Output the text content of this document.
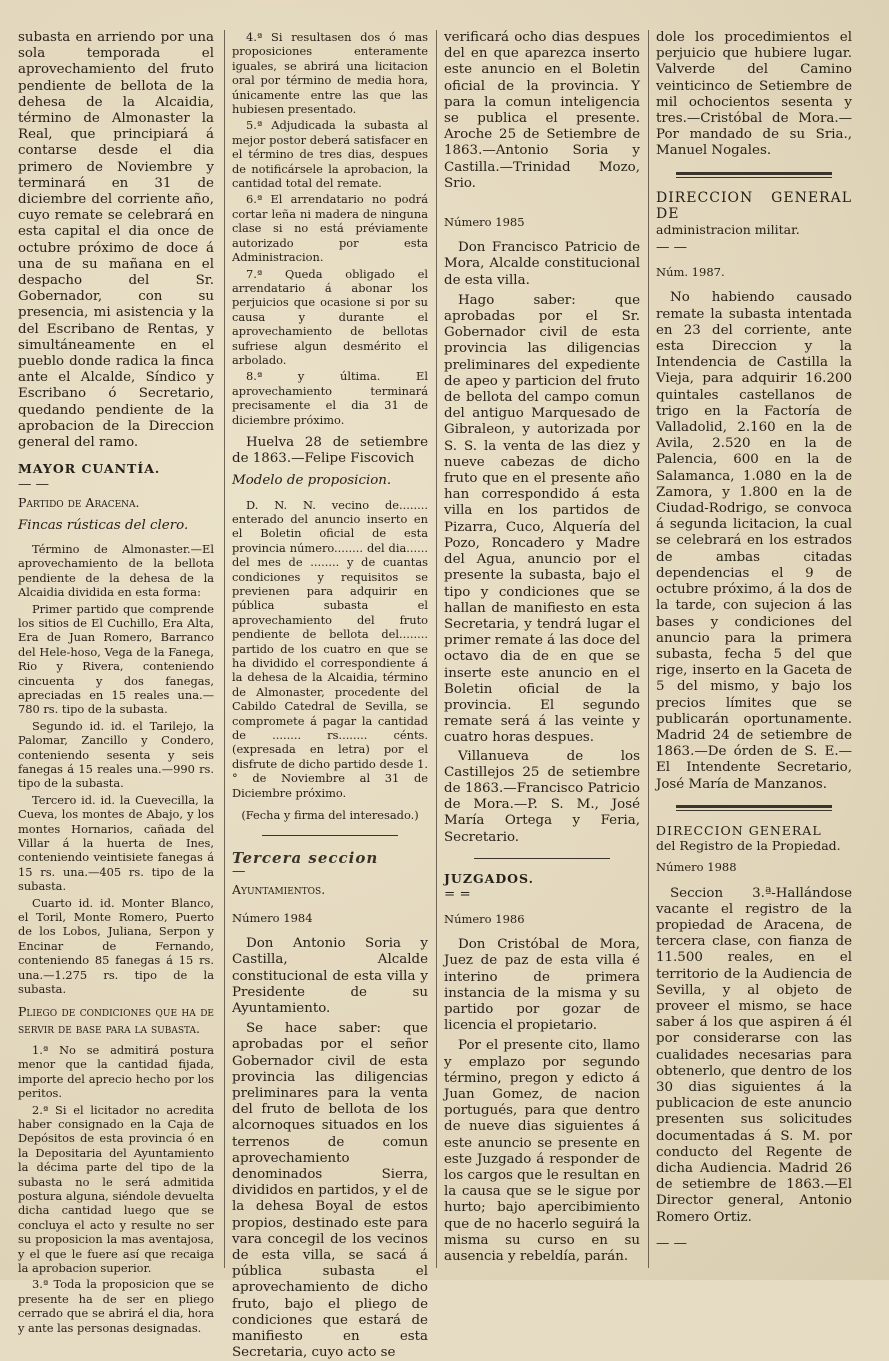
subasta en arriendo por una sola temporada el aprovechamiento del fruto pendiente de bellota de la dehesa de la Alcaidia, término de Almonaster la Real, que principiará á contarse desde el dia primero de Noviembre y terminará en 31 de diciembre del corriente año, cuyo remate se celebrará en esta capital el dia once de octubre próximo de doce á una de su mañana en el despacho del Sr. Gobernador, con su presencia, mi asistencia y la del Escribano de Rentas, y simultáneamente en el pueblo donde radica la finca ante el Alcalde, Síndico y Escribano ó Secretario, quedando pendiente de la aprobacion de la Direccion general del ramo.

MAYOR CUANTÍA.

— —

Partido de Aracena.

Fincas rústicas del clero.

Término de Almonaster.—El aprovechamiento de la bellota pendiente de la dehesa de la Alcaidia dividida en esta forma:

Primer partido que comprende los sitios de El Cuchillo, Era Alta, Era de Juan Romero, Barranco del Hele-hoso, Vega de la Fanega, Rio y Rivera, conteniendo cincuenta y dos fanegas, apreciadas en 15 reales una.—780 rs. tipo de la subasta.

Segundo id. id. el Tarilejo, la Palomar, Zancillo y Condero, conteniendo sesenta y seis fanegas á 15 reales una.—990 rs. tipo de la subasta.

Tercero id. id. la Cuevecilla, la Cueva, los montes de Abajo, y los montes Hornarios, cañada del Villar á la huerta de Ines, conteniendo veintisiete fanegas á 15 rs. una.—405 rs. tipo de la subasta.

Cuarto id. id. Monter Blanco, el Toril, Monte Romero, Puerto de los Lobos, Juliana, Serpon y Encinar de Fernando, conteniendo 85 fanegas á 15 rs. una.—1.275 rs. tipo de la subasta.

Pliego de condiciones que ha de servir de base para la subasta.

1.ª No se admitirá postura menor que la cantidad fijada, importe del aprecio hecho por los peritos.

2.ª Si el licitador no acredita haber consignado en la Caja de Depósitos de esta provincia ó en la Depositaria del Ayuntamiento la décima parte del tipo de la subasta no le será admitida postura alguna, siéndole devuelta dicha cantidad luego que se concluya el acto y resulte no ser su proposicion la mas aventajosa, y el que le fuere así que recaiga la aprobacion superior.

3.ª Toda la proposicion que se presente ha de ser en pliego cerrado que se abrirá el dia, hora y ante las personas designadas.

4.ª Si resultasen dos ó mas proposiciones enteramente iguales, se abrirá una licitacion oral por término de media hora, únicamente entre las que las hubiesen presentado.

5.ª Adjudicada la subasta al mejor postor deberá satisfacer en el término de tres dias, despues de notificársele la aprobacion, la cantidad total del remate.

6.ª El arrendatario no podrá cortar leña ni madera de ninguna clase si no está préviamente autorizado por esta Administracion.

7.ª Queda obligado el arrendatario á abonar los perjuicios que ocasione si por su causa y durante el aprovechamiento de bellotas sufriese algun desmérito el arbolado.

8.ª y última. El aprovechamiento terminará precisamente el dia 31 de diciembre próximo.

Huelva 28 de setiembre de 1863.—Felipe Fiscovich

Modelo de proposicion.

D. N. N. vecino de........ enterado del anuncio inserto en el Boletin oficial de esta provincia número........ del dia...... del mes de ........ y de cuantas condiciones y requisitos se previenen para adquirir en pública subasta el aprovechamiento del fruto pendiente de bellota del........ partido de los cuatro en que se ha dividido el correspondiente á la dehesa de la Alcaidia, término de Almonaster, procedente del Cabildo Catedral de Sevilla, se compromete á pagar la cantidad de ........ rs........ cénts. (expresada en letra) por el disfrute de dicho partido desde 1.° de Noviembre al 31 de Diciembre próximo.

(Fecha y firma del interesado.)

Tercera seccion

—

Ayuntamientos.

Número 1984

Don Antonio Soria y Castilla, Alcalde constitucional de esta villa y Presidente de su Ayuntamiento.

Se hace saber: que aprobadas por el señor Gobernador civil de esta provincia las diligencias preliminares para la venta del fruto de bellota de los alcornoques situados en los terrenos de comun aprovechamiento denominados Sierra, divididos en partidos, y el de la dehesa Boyal de estos propios, destinado este para vara concegil de los vecinos de esta villa, se sacá á pública subasta el aprovechamiento de dicho fruto, bajo el pliego de condiciones que estará de manifiesto en esta Secretaria, cuyo acto se

verificará ocho dias despues del en que aparezca inserto este anuncio en el Boletin oficial de la provincia. Y para la comun inteligencia se publica el presente. Aroche 25 de Setiembre de 1863.—Antonio Soria y Castilla.—Trinidad Mozo, Srio.

Número 1985

Don Francisco Patricio de Mora, Alcalde constitucional de esta villa.

Hago saber: que aprobadas por el Sr. Gobernador civil de esta provincia las diligencias preliminares del expediente de apeo y particion del fruto de bellota del campo comun del antiguo Marquesado de Gibraleon, y autorizada por S. S. la venta de las diez y nueve cabezas de dicho fruto que en el presente año han correspondido á esta villa en los partidos de Pizarra, Cuco, Alquería del Pozo, Roncadero y Madre del Agua, anuncio por el presente la subasta, bajo el tipo y condiciones que se hallan de manifiesto en esta Secretaria, y tendrá lugar el primer remate á las doce del octavo dia de en que se inserte este anuncio en el Boletin oficial de la provincia. El segundo remate será á las veinte y cuatro horas despues.

Villanueva de los Castillejos 25 de setiembre de 1863.—Francisco Patricio de Mora.—P. S. M., José María Ortega y Feria, Secretario.

JUZGADOS.

= =

Número 1986

Don Cristóbal de Mora, Juez de paz de esta villa é interino de primera instancia de la misma y su partido por gozar de licencia el propietario.

Por el presente cito, llamo y emplazo por segundo término, pregon y edicto á Juan Gomez, de nacion portugués, para que dentro de nueve dias siguientes á este anuncio se presente en este Juzgado á responder de los cargos que le resultan en la causa que se le sigue por hurto; bajo apercibimiento que de no hacerlo seguirá la misma su curso en su ausencia y rebeldía, parán.

dole los procedimientos el perjuicio que hubiere lugar. Valverde del Camino veinticinco de Setiembre de mil ochocientos sesenta y tres.—Cristóbal de Mora.—Por mandado de su Sria., Manuel Nogales.

DIRECCION GENERAL DE

administracion militar.

— —

Núm. 1987.

No habiendo causado remate la subasta intentada en 23 del corriente, ante esta Direccion y la Intendencia de Castilla la Vieja, para adquirir 16.200 quintales castellanos de trigo en la Factoría de Valladolid, 2.160 en la de Avila, 2.520 en la de Palencia, 600 en la de Salamanca, 1.080 en la de Zamora, y 1.800 en la de Ciudad-Rodrigo, se convoca á segunda licitacion, la cual se celebrará en los estrados de ambas citadas dependencias el 9 de octubre próximo, á la dos de la tarde, con sujecion á las bases y condiciones del anuncio para la primera subasta, fecha 5 del que rige, inserto en la Gaceta de 5 del mismo, y bajo los precios límites que se publicarán oportunamente. Madrid 24 de setiembre de 1863.—De órden de S. E.—El Intendente Secretario, José María de Manzanos.

DIRECCION GENERAL

del Registro de la Propiedad.

Número 1988

Seccion 3.ª-Hallándose vacante el registro de la propiedad de Aracena, de tercera clase, con fianza de 11.500 reales, en el territorio de la Audiencia de Sevilla, y al objeto de proveer el mismo, se hace saber á los que aspiren á él por considerarse con las cualidades necesarias para obtenerlo, que dentro de los 30 dias siguientes á la publicacion de este anuncio presenten sus solicitudes documentadas á S. M. por conducto del Regente de dicha Audiencia. Madrid 26 de setiembre de 1863.—El Director general, Antonio Romero Ortiz.

— —
